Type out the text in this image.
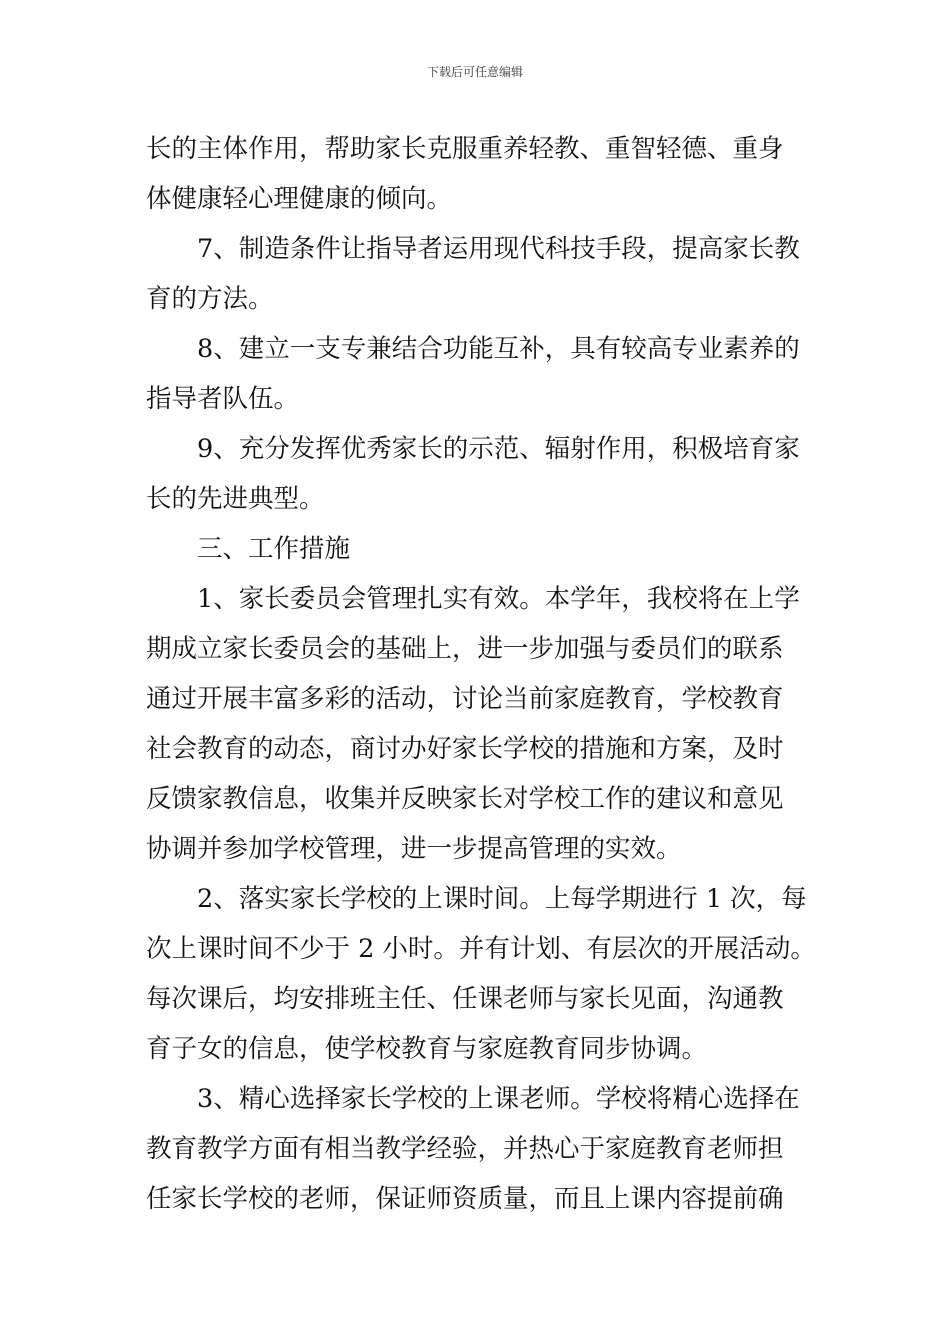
下载后可任意编辑
长的主体作用，帮助家长克服重养轻教、重智轻德、重身
体健康轻心理健康的倾向。
7、制造条件让指导者运用现代科技手段，提高家长教
育的方法。
8、建立一支专兼结合功能互补，具有较高专业素养的
指导者队伍。
9、充分发挥优秀家长的示范、辐射作用，积极培育家
长的先进典型。
三、工作措施
1、家长委员会管理扎实有效。本学年，我校将在上学
期成立家长委员会的基础上，进一步加强与委员们的联系
通过开展丰富多彩的活动，讨论当前家庭教育，学校教育
社会教育的动态，商讨办好家长学校的措施和方案，及时
反馈家教信息，收集并反映家长对学校工作的建议和意见
协调并参加学校管理，进一步提高管理的实效。
2、落实家长学校的上课时间。上每学期进行 1 次，每
次上课时间不少于 2 小时。并有计划、有层次的开展活动。
每次课后，均安排班主任、任课老师与家长见面，沟通教
育子女的信息，使学校教育与家庭教育同步协调。
3、精心选择家长学校的上课老师。学校将精心选择在
教育教学方面有相当教学经验，并热心于家庭教育老师担
任家长学校的老师，保证师资质量，而且上课内容提前确
